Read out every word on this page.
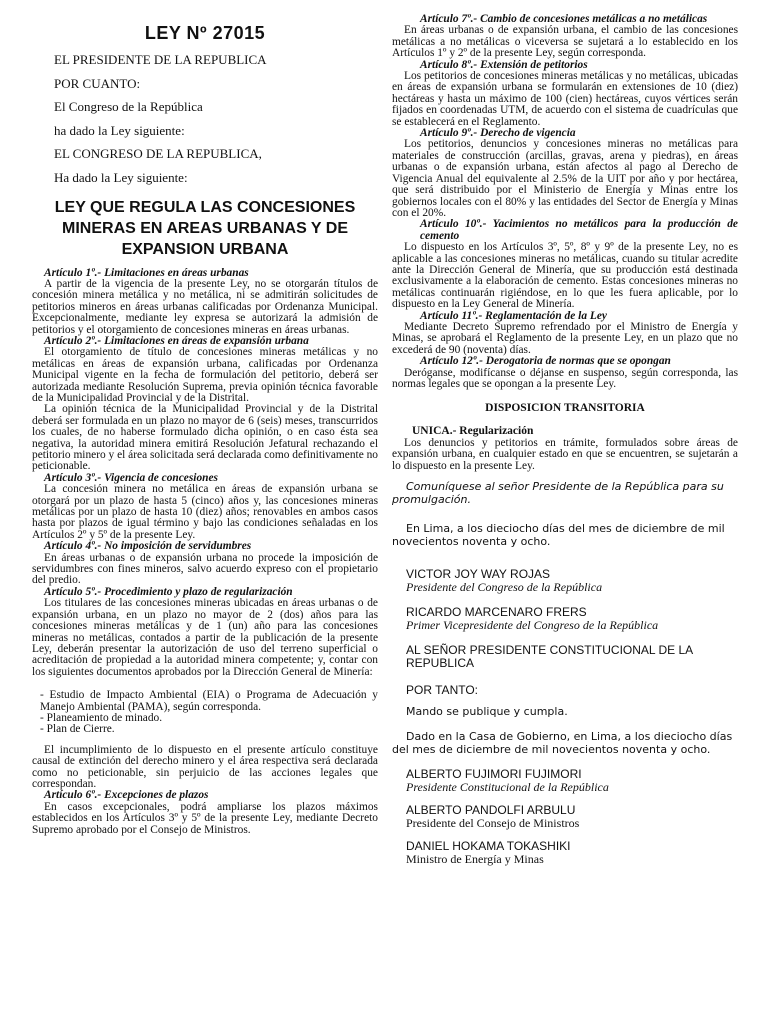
LEY Nº 27015
EL PRESIDENTE DE LA REPUBLICA
POR CUANTO:
El Congreso de la República
ha dado la Ley siguiente:
EL CONGRESO DE LA REPUBLICA,
Ha dado la Ley siguiente:
LEY QUE REGULA LAS CONCESIONES MINERAS EN AREAS URBANAS Y DE EXPANSION URBANA
Artículo 1º.- Limitaciones en áreas urbanas
A partir de la vigencia de la presente Ley, no se otorgarán títulos de concesión minera metálica y no metálica, ni se admitirán solicitudes de petitorios mineros en áreas urbanas calificadas por Ordenanza Municipal. Excepcionalmente, mediante ley expresa se autorizará la admisión de petitorios y el otorgamiento de concesiones mineras en áreas urbanas.
Artículo 2º.- Limitaciones en áreas de expansión urbana
El otorgamiento de título de concesiones mineras metálicas y no metálicas en áreas de expansión urbana, calificadas por Ordenanza Municipal vigente en la fecha de formulación del petitorio, deberá ser autorizada mediante Resolución Suprema, previa opinión técnica favorable de la Municipalidad Provincial y de la Distrital.
La opinión técnica de la Municipalidad Provincial y de la Distrital deberá ser formulada en un plazo no mayor de 6 (seis) meses, transcurridos los cuales, de no haberse formulado dicha opinión, o en caso ésta sea negativa, la autoridad minera emitirá Resolución Jefatural rechazando el petitorio minero y el área solicitada será declarada como definitivamente no peticionable.
Artículo 3º.- Vigencia de concesiones
La concesión minera no metálica en áreas de expansión urbana se otorgará por un plazo de hasta 5 (cinco) años y, las concesiones mineras metálicas por un plazo de hasta 10 (diez) años; renovables en ambos casos hasta por plazos de igual término y bajo las condiciones señaladas en los Artículos 2º y 5º de la presente Ley.
Artículo 4º.- No imposición de servidumbres
En áreas urbanas o de expansión urbana no procede la imposición de servidumbres con fines mineros, salvo acuerdo expreso con el propietario del predio.
Artículo 5º.- Procedimiento y plazo de regularización
Los titulares de las concesiones mineras ubicadas en áreas urbanas o de expansión urbana, en un plazo no mayor de 2 (dos) años para las concesiones mineras metálicas y de 1 (un) año para las concesiones mineras no metálicas, contados a partir de la publicación de la presente Ley, deberán presentar la autorización de uso del terreno superficial o acreditación de propiedad a la autoridad minera competente; y, contar con los siguientes documentos aprobados por la Dirección General de Minería:
- Estudio de Impacto Ambiental (EIA) o Programa de Adecuación y Manejo Ambiental (PAMA), según corresponda.
- Planeamiento de minado.
- Plan de Cierre.
El incumplimiento de lo dispuesto en el presente artículo constituye causal de extinción del derecho minero y el área respectiva será declarada como no peticionable, sin perjuicio de las acciones legales que correspondan.
Artículo 6º.- Excepciones de plazos
En casos excepcionales, podrá ampliarse los plazos máximos establecidos en los Artículos 3º y 5º de la presente Ley, mediante Decreto Supremo aprobado por el Consejo de Ministros.
Artículo 7º.- Cambio de concesiones metálicas a no metálicas
En áreas urbanas o de expansión urbana, el cambio de las concesiones metálicas a no metálicas o viceversa se sujetará a lo establecido en los Artículos 1º y 2º de la presente Ley, según corresponda.
Artículo 8º.- Extensión de petitorios
Los petitorios de concesiones mineras metálicas y no metálicas, ubicadas en áreas de expansión urbana se formularán en extensiones de 10 (diez) hectáreas y hasta un máximo de 100 (cien) hectáreas, cuyos vértices serán fijados en coordenadas UTM, de acuerdo con el sistema de cuadrículas que se establecerá en el Reglamento.
Artículo 9º.- Derecho de vigencia
Los petitorios, denuncios y concesiones mineras no metálicas para materiales de construcción (arcillas, gravas, arena y piedras), en áreas urbanas o de expansión urbana, están afectos al pago al Derecho de Vigencia Anual del equivalente al 2.5% de la UIT por año y por hectárea, que será distribuido por el Ministerio de Energía y Minas entre los gobiernos locales con el 80% y las entidades del Sector de Energía y Minas con el 20%.
Artículo 10º.- Yacimientos no metálicos para la producción de cemento
Lo dispuesto en los Artículos 3º, 5º, 8º y 9º de la presente Ley, no es aplicable a las concesiones mineras no metálicas, cuando su titular acredite ante la Dirección General de Minería, que su producción está destinada exclusivamente a la elaboración de cemento. Estas concesiones mineras no metálicas continuarán rigiéndose, en lo que les fuera aplicable, por lo dispuesto en la Ley General de Minería.
Artículo 11º.- Reglamentación de la Ley
Mediante Decreto Supremo refrendado por el Ministro de Energía y Minas, se aprobará el Reglamento de la presente Ley, en un plazo que no excederá de 90 (noventa) días.
Artículo 12º.- Derogatoria de normas que se opongan
Deróganse, modifícanse o déjanse en suspenso, según corresponda, las normas legales que se opongan a la presente Ley.
DISPOSICION TRANSITORIA
UNICA.- Regularización
Los denuncios y petitorios en trámite, formulados sobre áreas de expansión urbana, en cualquier estado en que se encuentren, se sujetarán a lo dispuesto en la presente Ley.
Comuníquese al señor Presidente de la República para su promulgación.
En Lima, a los dieciocho días del mes de diciembre de mil novecientos noventa y ocho.
VICTOR JOY WAY ROJAS
Presidente del Congreso de la República
RICARDO MARCENARO FRERS
Primer Vicepresidente del Congreso de la República
AL SEÑOR PRESIDENTE CONSTITUCIONAL DE LA REPUBLICA
POR TANTO:
Mando se publique y cumpla.
Dado en la Casa de Gobierno, en Lima, a los dieciocho días del mes de diciembre de mil novecientos noventa y ocho.
ALBERTO FUJIMORI FUJIMORI
Presidente Constitucional de la República
ALBERTO PANDOLFI ARBULU
Presidente del Consejo de Ministros
DANIEL HOKAMA TOKASHIKI
Ministro de Energía y Minas
